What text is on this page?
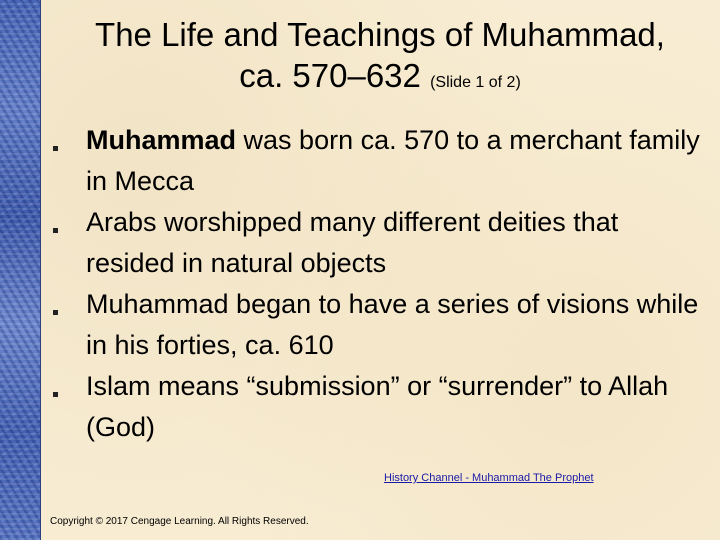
The Life and Teachings of Muhammad,
ca. 570–632 (Slide 1 of 2)
Muhammad was born ca. 570 to a merchant family in Mecca
Arabs worshipped many different deities that resided in natural objects
Muhammad began to have a series of visions while in his forties, ca. 610
Islam means “submission” or “surrender” to Allah (God)
History Channel - Muhammad The Prophet
Copyright © 2017 Cengage Learning. All Rights Reserved.
